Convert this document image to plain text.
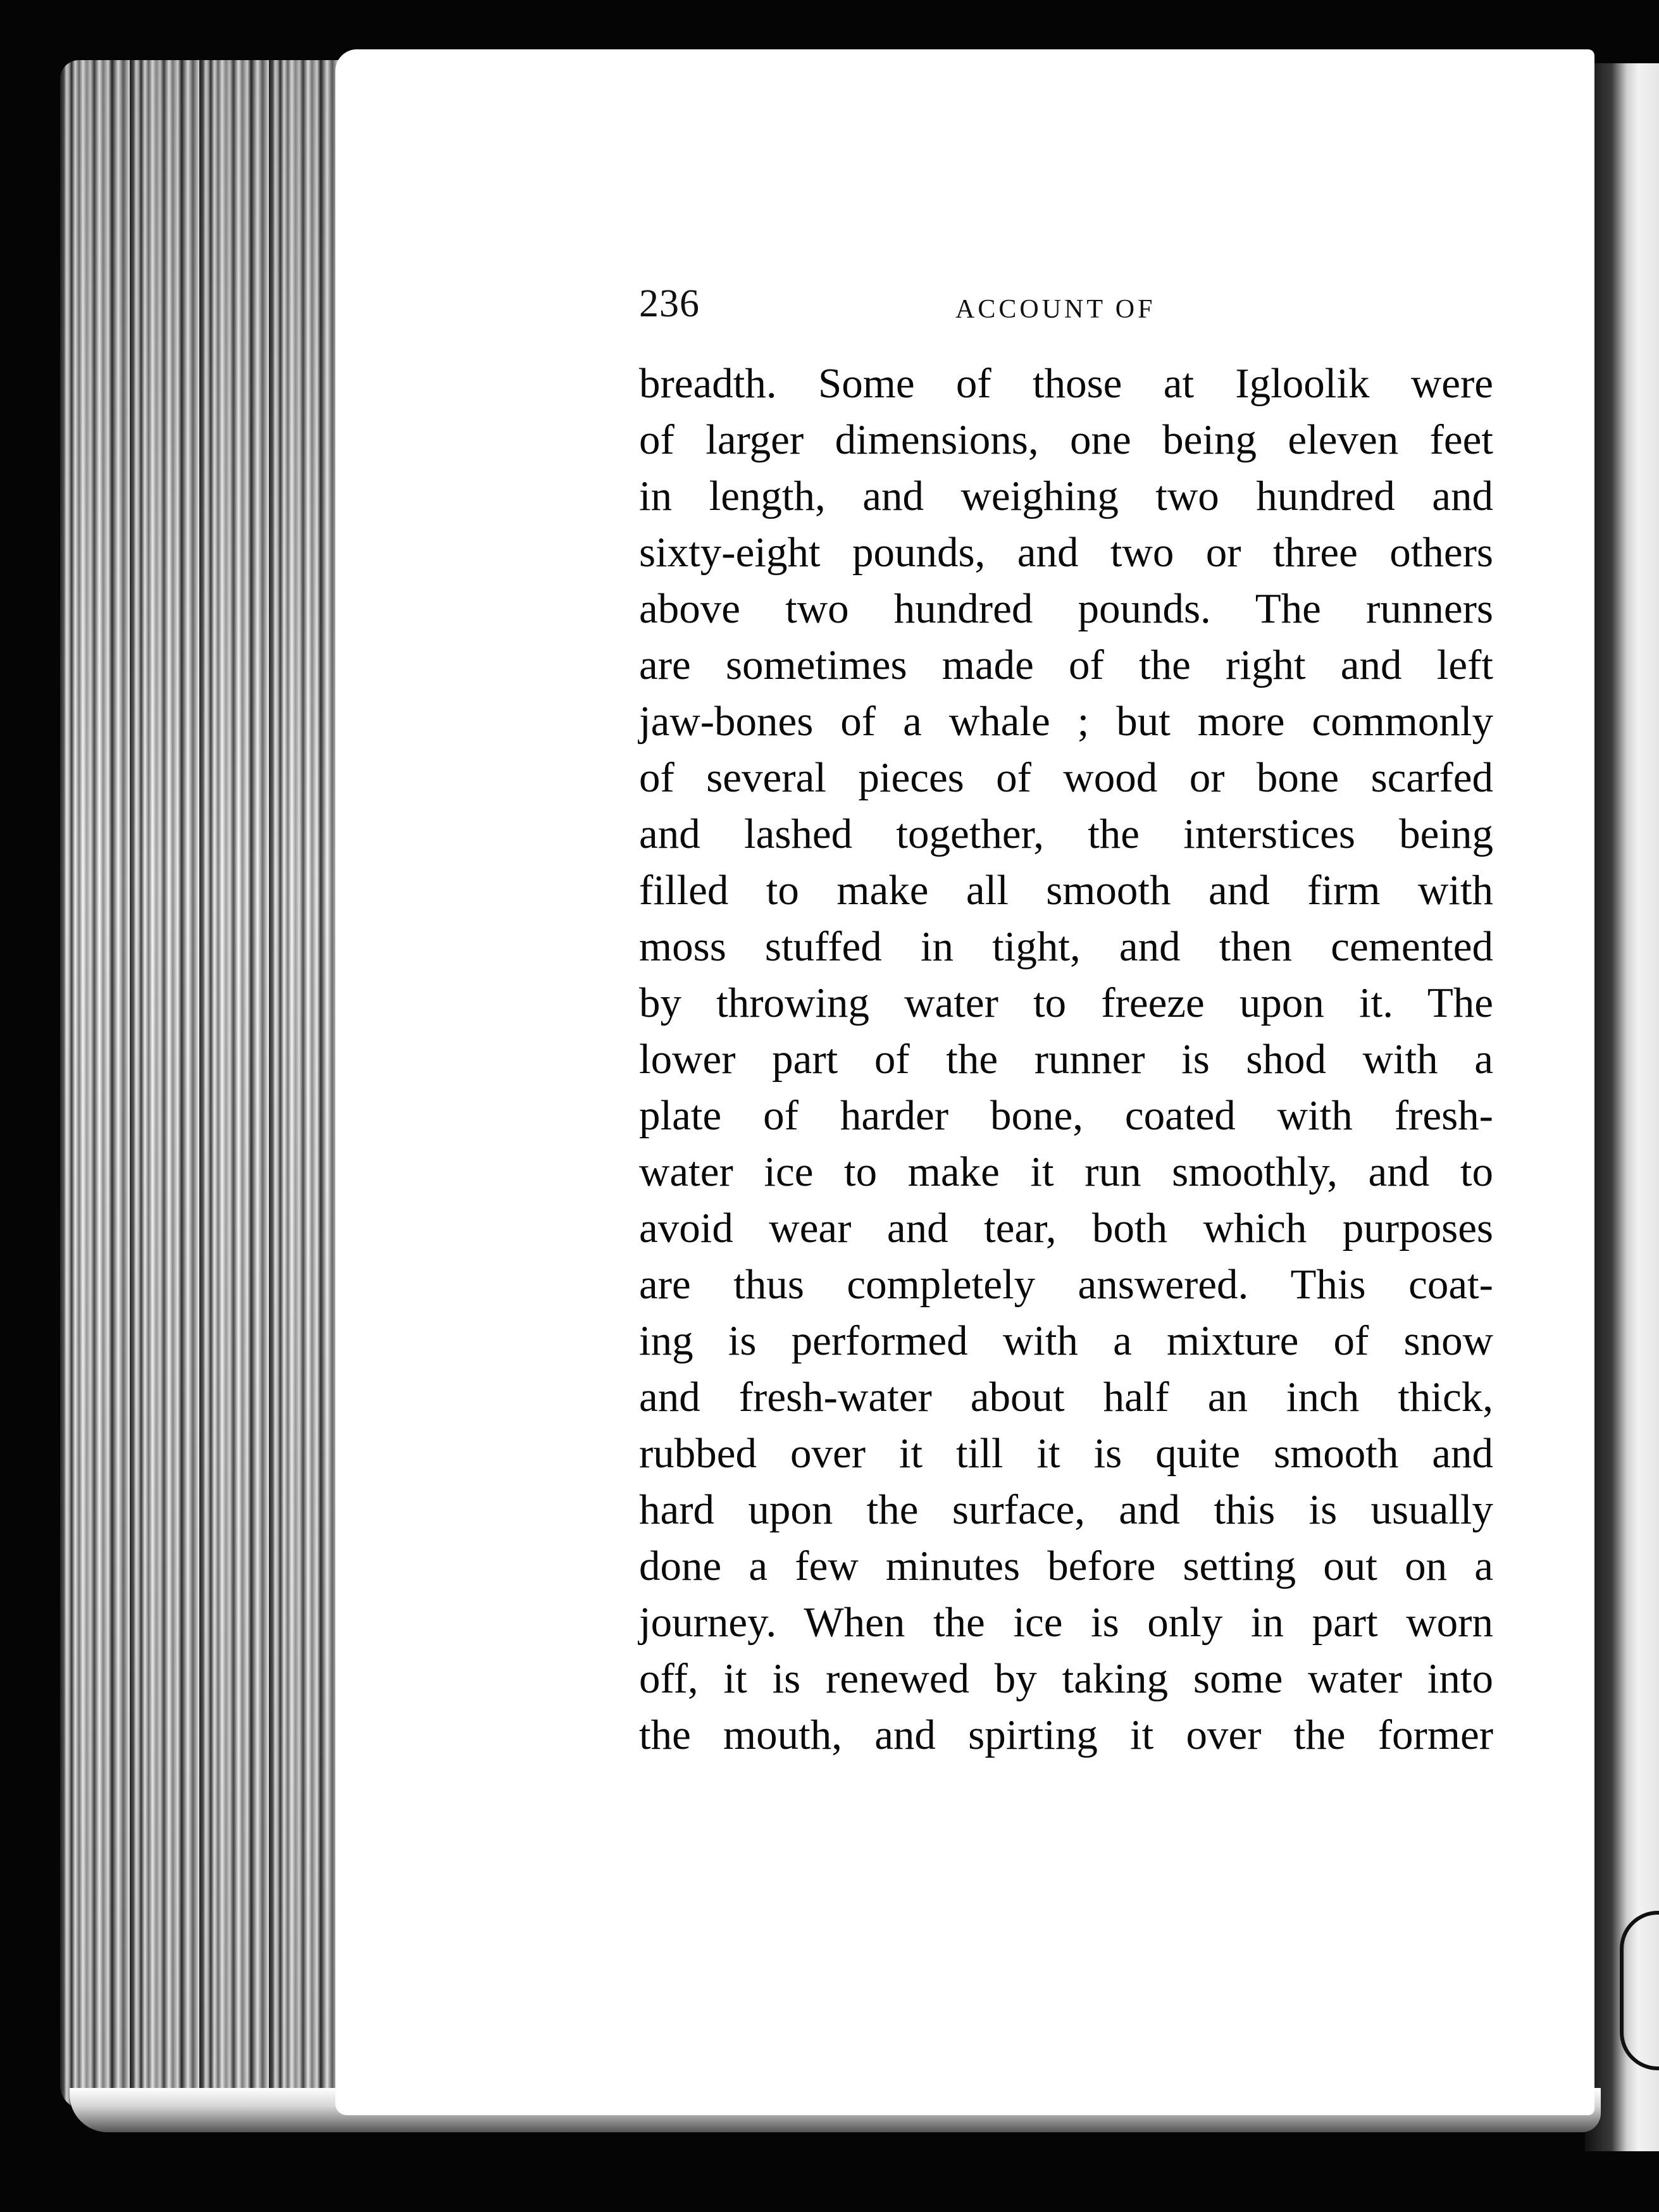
236	ACCOUNT OF
breadth. Some of those at Igloolik were
of larger dimensions, one being eleven feet
in length, and weighing two hundred and
sixty-eight pounds, and two or three others
above two hundred pounds. The runners
are sometimes made of the right and left
jaw-bones of a whale ; but more commonly
of several pieces of wood or bone scarfed
and lashed together, the interstices being
filled to make all smooth and firm with
moss stuffed in tight, and then cemented
by throwing water to freeze upon it. The
lower part of the runner is shod with a
plate of harder bone, coated with fresh-
water ice to make it run smoothly, and to
avoid wear and tear, both which purposes
are thus completely answered. This coat-
ing is performed with a mixture of snow
and fresh-water about half an inch thick,
rubbed over it till it is quite smooth and
hard upon the surface, and this is usually
done a few minutes before setting out on a
journey. When the ice is only in part worn
off, it is renewed by taking some water into
the mouth, and spirting it over the former
